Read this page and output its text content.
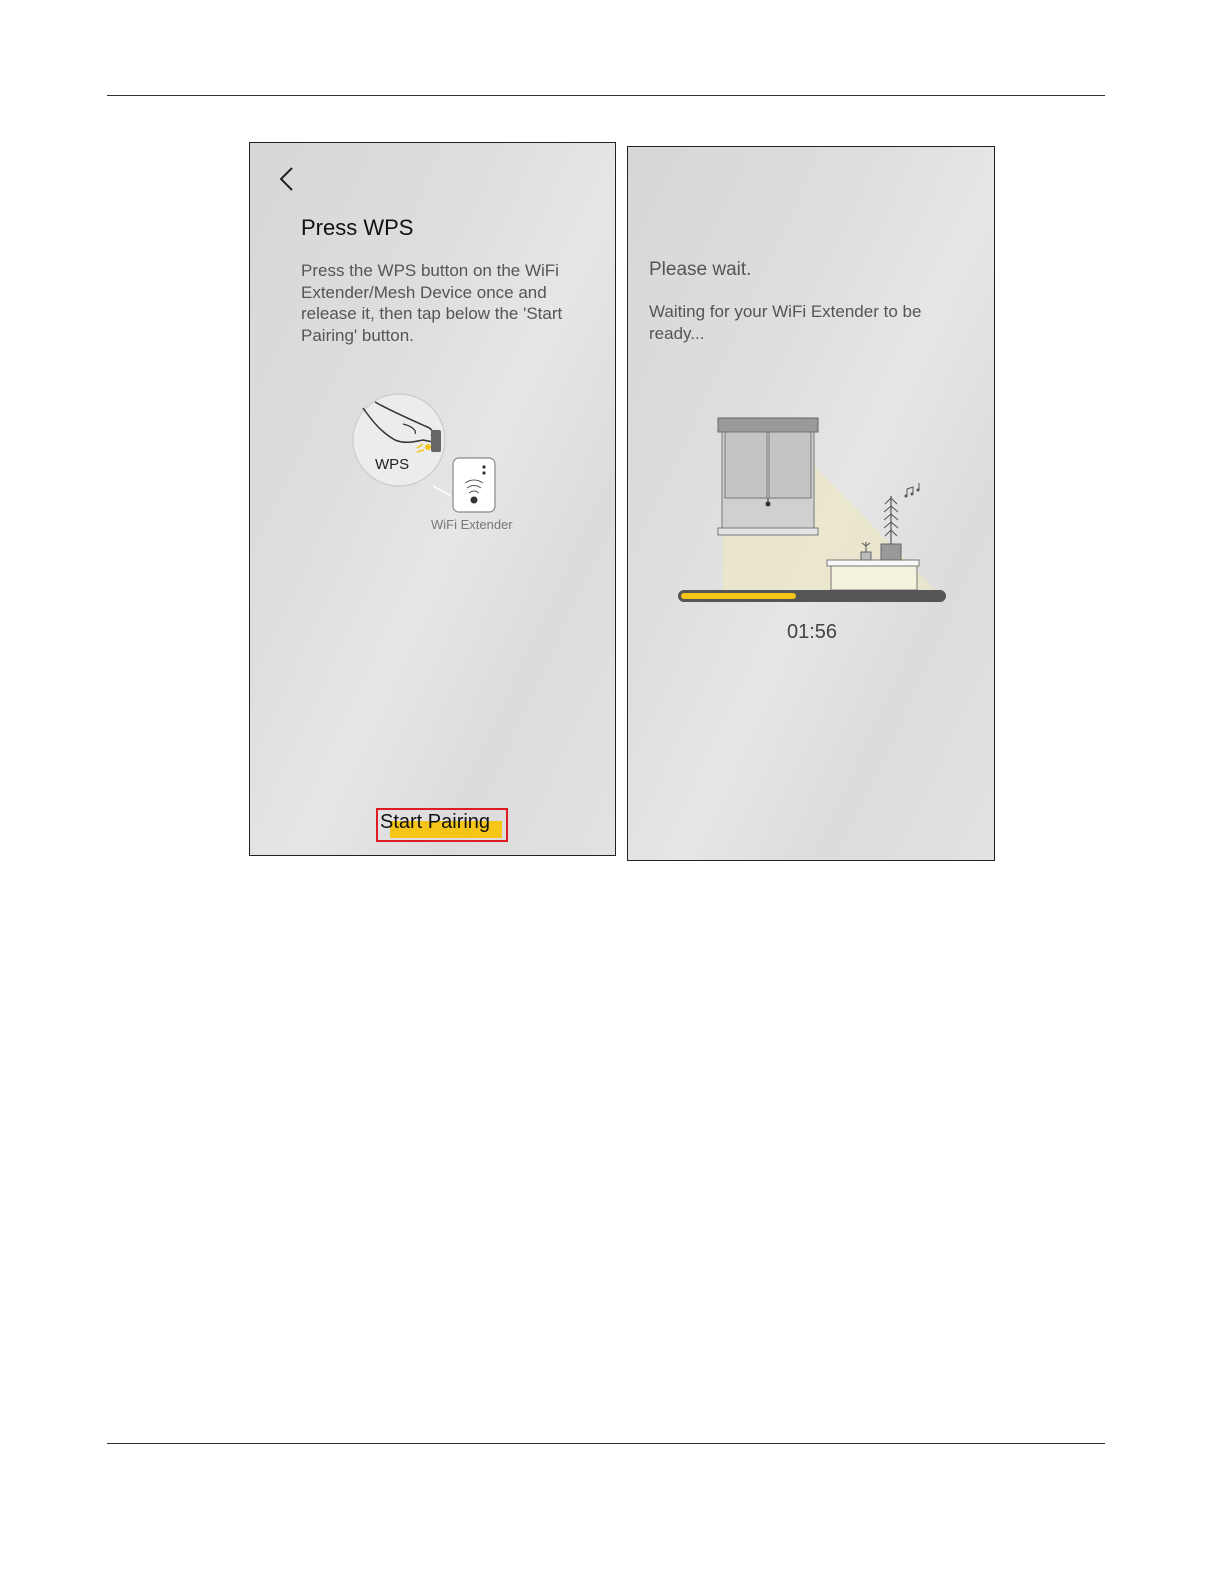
Press WPS
Press the WPS button on the WiFi
Extender/Mesh Device once and
release it, then tap below the 'Start
Pairing' button.
WPS
WiFi Extender
Start Pairing
Please wait.
Waiting for your WiFi Extender to be ready...
01:56
